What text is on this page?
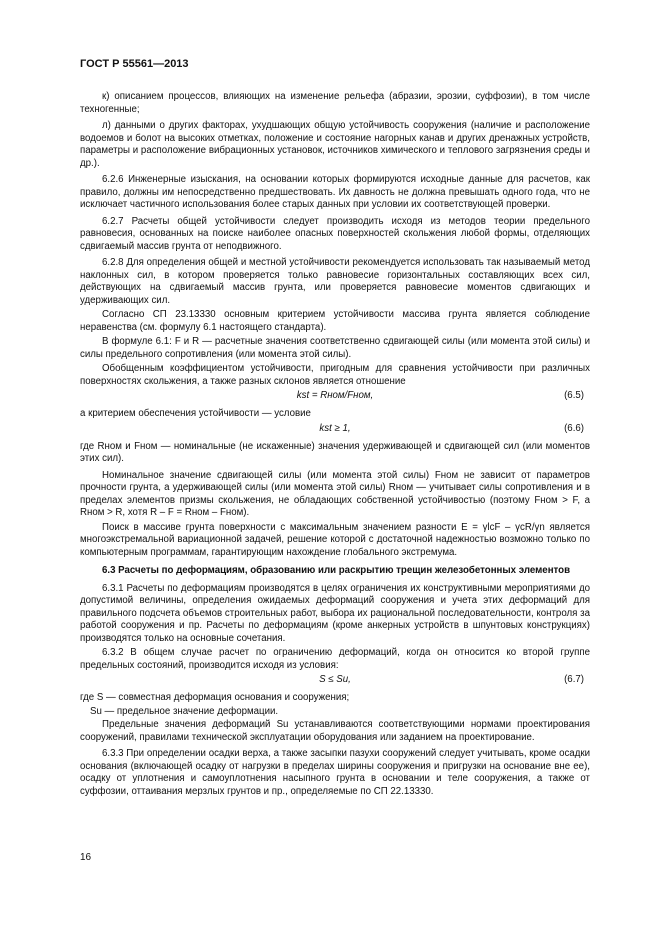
ГОСТ Р 55561—2013

к) описанием процессов, влияющих на изменение рельефа (абразии, эрозии, суффозии), в том числе техногенные;

л) данными о других факторах, ухудшающих общую устойчивость сооружения (наличие и расположение водоемов и болот на высоких отметках, положение и состояние нагорных канав и других дренажных устройств, параметры и расположение вибрационных установок, источников химического и теплового загрязнения среды и др.).

6.2.6 Инженерные изыскания, на основании которых формируются исходные данные для расчетов, как правило, должны им непосредственно предшествовать. Их давность не должна превышать одного года, что не исключает частичного использования более старых данных при условии их соответствующей проверки.

6.2.7 Расчеты общей устойчивости следует производить исходя из методов теории предельного равновесия, основанных на поиске наиболее опасных поверхностей скольжения любой формы, отделяющих сдвигаемый массив грунта от неподвижного.

6.2.8 Для определения общей и местной устойчивости рекомендуется использовать так называемый метод наклонных сил, в котором проверяется только равновесие горизонтальных составляющих всех сил, действующих на сдвигаемый массив грунта, или проверяется равновесие моментов сдвигающих и удерживающих сил.

Согласно СП 23.13330 основным критерием устойчивости массива грунта является соблюдение неравенства (см. формулу 6.1 настоящего стандарта).

В формуле 6.1: F и R — расчетные значения соответственно сдвигающей силы (или момента этой силы) и силы предельного сопротивления (или момента этой силы).

Обобщенным коэффициентом устойчивости, пригодным для сравнения устойчивости при различных поверхностях скольжения, а также разных склонов является отношение

kst = Rном/Fном,	(6.5)

а критерием обеспечения устойчивости — условие

kst ≥ 1,	(6.6)

где Rном и Fном — номинальные (не искаженные) значения удерживающей и сдвигающей сил (или моментов этих сил).

Номинальное значение сдвигающей силы (или момента этой силы) Fном не зависит от параметров прочности грунта, а удерживающей силы (или момента этой силы) Rном — учитывает силы сопротивления и в пределах элементов призмы скольжения, не обладающих собственной устойчивостью (поэтому Fном > F, а Rном > R, хотя R – F = Rном – Fном).

Поиск в массиве грунта поверхности с максимальным значением разности E = γlcF – γcR/γn является многоэкстремальной вариационной задачей, решение которой с достаточной надежностью возможно только по компьютерным программам, гарантирующим нахождение глобального экстремума.

6.3 Расчеты по деформациям, образованию или раскрытию трещин железобетонных элементов

6.3.1 Расчеты по деформациям производятся в целях ограничения их конструктивными мероприятиями до допустимой величины, определения ожидаемых деформаций сооружения и учета этих деформаций для правильного подсчета объемов строительных работ, выбора их рациональной последовательности, контроля за работой сооружения и пр. Расчеты по деформациям (кроме анкерных устройств в шпунтовых конструкциях) производятся только на основные сочетания.

6.3.2 В общем случае расчет по ограничению деформаций, когда он относится ко второй группе предельных состояний, производится исходя из условия:

S ≤ Su,	(6.7)

где S — совместная деформация основания и сооружения;

Su — предельное значение деформации.

Предельные значения деформаций Su устанавливаются соответствующими нормами проектирования сооружений, правилами технической эксплуатации оборудования или заданием на проектирование.

6.3.3 При определении осадки верха, а также засыпки пазухи сооружений следует учитывать, кроме осадки основания (включающей осадку от нагрузки в пределах ширины сооружения и пригрузки на основание вне ее), осадку от уплотнения и самоуплотнения насыпного грунта в основании и теле сооружения, а также от суффозии, оттаивания мерзлых грунтов и пр., определяемые по СП 22.13330.

16
